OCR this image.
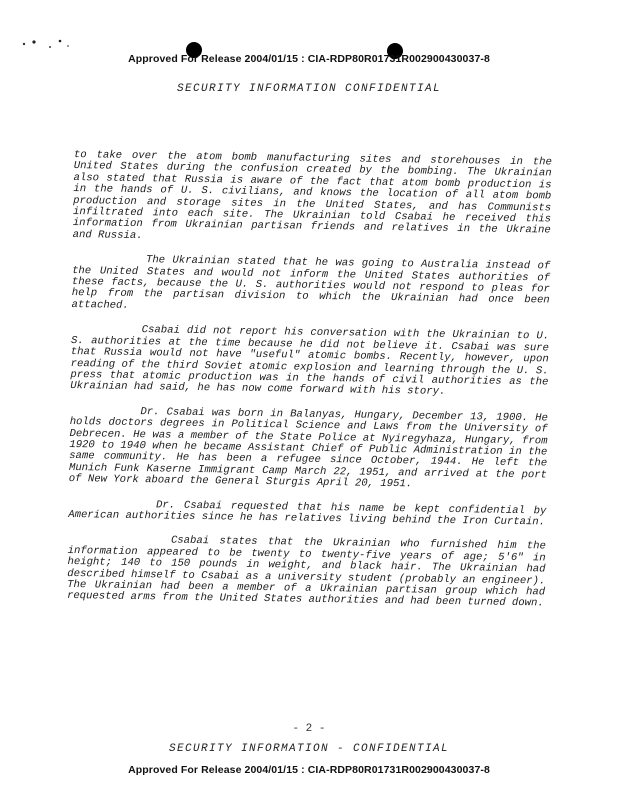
Approved For Release 2004/01/15 : CIA-RDP80R01731R002900430037-8
SECURITY INFORMATION CONFIDENTIAL

to take over the atom bomb manufacturing sites and storehouses in the United States during the confusion created by the bombing. The Ukrainian also stated that Russia is aware of the fact that atom bomb production is in the hands of U. S. civilians, and knows the location of all atom bomb production and storage sites in the United States, and has Communists infiltrated into each site. The Ukrainian told Csabai he received this information from Ukrainian partisan friends and relatives in the Ukraine and Russia.

The Ukrainian stated that he was going to Australia instead of the United States and would not inform the United States authorities of these facts, because the U. S. authorities would not respond to pleas for help from the partisan division to which the Ukrainian had once been attached.

Csabai did not report his conversation with the Ukrainian to U. S. authorities at the time because he did not believe it. Csabai was sure that Russia would not have "useful" atomic bombs. Recently, however, upon reading of the third Soviet atomic explosion and learning through the U. S. press that atomic production was in the hands of civil authorities as the Ukrainian had said, he has now come forward with his story.

Dr. Csabai was born in Balanyas, Hungary, December 13, 1900. He holds doctors degrees in Political Science and Laws from the University of Debrecen. He was a member of the State Police at Nyiregyhaza, Hungary, from 1920 to 1940 when he became Assistant Chief of Public Administration in the same community. He has been a refugee since October, 1944. He left the Munich Funk Kaserne Immigrant Camp March 22, 1951, and arrived at the port of New York aboard the General Sturgis April 20, 1951.

Dr. Csabai requested that his name be kept confidential by American authorities since he has relatives living behind the Iron Curtain.

Csabai states that the Ukrainian who furnished him the information appeared to be twenty to twenty-five years of age; 5'6" in height; 140 to 150 pounds in weight, and black hair. The Ukrainian had described himself to Csabai as a university student (probably an engineer). The Ukrainian had been a member of a Ukrainian partisan group which had requested arms from the United States authorities and had been turned down.

- 2 -
SECURITY INFORMATION - CONFIDENTIAL
Approved For Release 2004/01/15 : CIA-RDP80R01731R002900430037-8
